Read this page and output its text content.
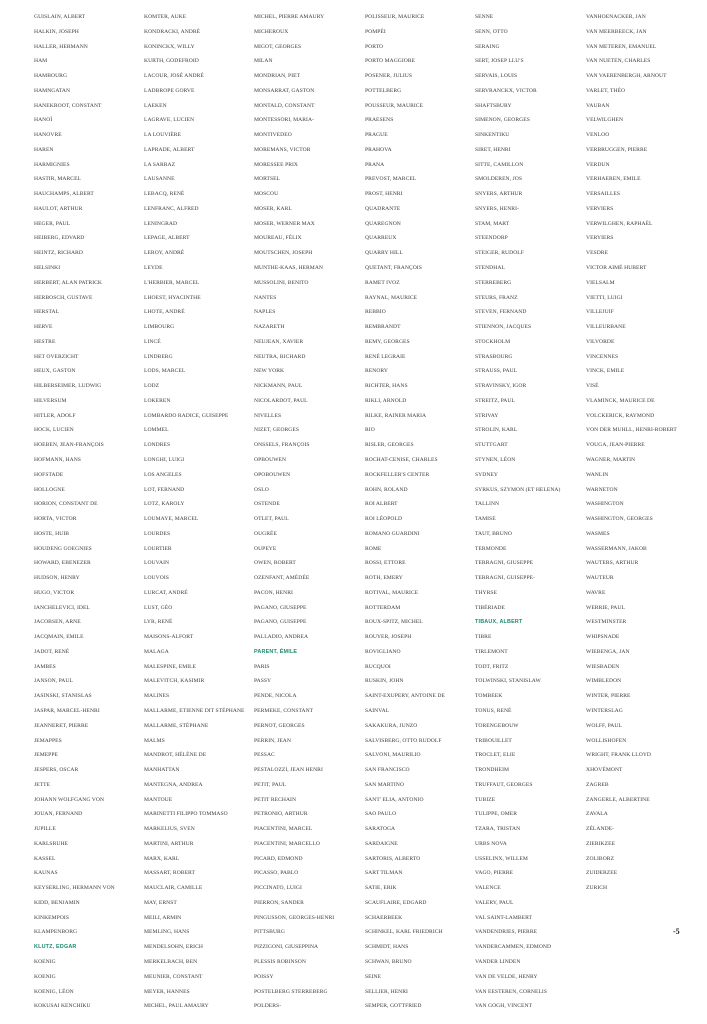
GUISLAIN, ALBERT
HALKIN, JOSEPH
HALLER, HERMANN
HAM
HAMBOURG
HAMNGATAN
HANEKROOT, CONSTANT
HANOÏ
HANOVRE
HAREN
HARMIGNIES
HASTIR, MARCEL
HAUCHAMPS, ALBERT
HAULOT, ARTHUR
HEGER, PAUL
HEIBERG, EDVARD
HEINTZ, RICHARD
HELSINKI
HERBERT, ALAN PATRICK
HERBOSCH, GUSTAVE
HERSTAL
HERVE
HESTRE
HET OVERZICHT
HEUX, GASTON
HILBERSEIMER, LUDWIG
HILVERSUM
HITLER, ADOLF
HOCK, LUCIEN
HOEBEN, JEAN-FRANÇOIS
HOFMANN, HANS
HOFSTADE
HOLLOGNE
HORION, CONSTANT DE
HORTA, VICTOR
HOSTE, HUIB
HOUDENG GOEGNIES
HOWARD, EBENEZER
HUDSON, HENRY
HUGO, VICTOR
IANCHELEVICI, IDEL
JACOBSEN, ARNE
JACQMAIN, EMILE
JADOT, RENÉ
JAMBES
JANSON, PAUL
JASINSKI, STANISLAS
JASPAR, MARCEL-HENRI
JEANNERET, PIERRE
JEMAPPES
JEMEPPE
JESPERS, OSCAR
JETTE
JOHANN WOLFGANG VON
JOUAN, FERNAND
JUPILLE
KARLSRUHE
KASSEL
KAUNAS
KEYSERLING, HERMANN VON
KIDD, BENJAMIN
KINKEMPOIS
KLAMPENBORG
KLUTZ, EDGAR
KOENIG
KOENIG
KOENIG, LÉON
KOKUSAI KENCHIKU
KOMTER, AUKE
KONDRACKI, ANDRÉ
KONINCKX, WILLY
KURTH, GODEFROID
LACOUR, JOSÉ ANDRÉ
LADBROPE GORVE
LAEKEN
LAGRAVE, LUCIEN
LA LOUVIÈRE
LAPRADE, ALBERT
LA SARRAZ
LAUSANNE
LEBACQ, RENÉ
LENFRANC, ALFRED
LENINGRAD
LEPAGE, ALBERT
LEROY, ANDRÉ
LEYDE
L'HERBIER, MARCEL
LHOEST, HYACINTHE
LHOTE, ANDRÉ
LIMBOURG
LINCÉ
LINDBERG
LODS, MARCEL
LODZ
LOKEREN
LOMBARDO RADICE, GUISEPPE
LOMMEL
LONDRES
LONGHI, LUIGI
LOS ANGELES
LOT, FERNAND
LOTZ, KAROLY
LOUMAYE, MARCEL
LOURDES
LOURTIER
LOUVAIN
LOUVOIS
LURCAT, ANDRÉ
LUST, GÉO
LYR, RENÉ
MAISONS-ALFORT
MALAGA
MALESPINE, EMILE
MALEVITCH, KASIMIR
MALINES
MALLARME, ETIENNE DIT STÉPHANE
MALLARME, STÉPHANE
MALMS
MANDROT, HÉLÈNE DE
MANHATTAN
MANTEGNA, ANDREA
MANTOUE
MARINETTI FILIPPO TOMMASO
MARKELIUS, SVEN
MARTINI, ARTHUR
MARX, KARL
MASSART, ROBERT
MAUCLAIR, CAMILLE
MAY, ERNST
MEILI, ARMIN
MEMLING, HANS
MENDELSOHN, ERICH
MERKELBACH, BEN
MEUNIER, CONSTANT
MEYER, HANNES
MICHEL, PAUL AMAURY
MICHEL, PIERRE AMAURY
MICHEROUX
MIGOT, GEORGES
MILAN
MONDRIAN, PIET
MONSARRAT, GASTON
MONTALD, CONSTANT
MONTESSORI, MARIA-
MONTIVEDEO
MOREMANS, VICTOR
MORESSEE PRIX
MORTSEL
MOSCOU
MOSER, KARL
MOSER, WERNER MAX
MOUREAU, FÉLIX
MOUTSCHEN, JOSEPH
MUNTHE-KAAS, HERMAN
MUSSOLINI, BENITO
NANTES
NAPLES
NAZARETH
NEUJEAN, XAVIER
NEUTRA, RICHARD
NEW YORK
NICKMANN, PAUL
NICOLARDOT, PAUL
NIVELLES
NIZET, GEORGES
ONSSELS, FRANÇOIS
OPBOUWEN
OPOBOUWEN
OSLO
OSTENDE
OTLET, PAUL
OUGRÉE
OUPEYE
OWEN, ROBERT
OZENFANT, AMÉDÉE
PACON, HENRI
PAGANO, GIUSEPPE
PAGANO, GUISEPPE
PALLADIO, ANDREA
PARENT, ÉMILE
PARIS
PASSY
PENDE, NICOLA
PERMEKE, CONSTANT
PERNOT, GEORGES
PERRIN, JEAN
PESSAC
PESTALOZZI, JEAN HENRI
PETIT, PAUL
PETIT RECHAIN
PETRONIO, ARTHUR
PIACENTINI, MARCEL
PIACENTINI, MARCELLO
PICARD, EDMOND
PICASSO, PABLO
PICCINATO, LUIGI
PIERRON, SANDER
PINGUSSON, GEORGES-HENRI
PITTSBURG
PIZZIGONI, GIUSEPPINA
PLESSIS ROBINSON
POISSY
POSTELBERG STERREBERG
POLDERS-
POLISSEUR, MAURICE
POMPÉI
PORTO
PORTO MAGGIORE
POSENER, JULIUS
POTTELBERG
POUSSEUR, MAURICE
PRAESENS
PRAGUE
PRAHOVA
PRANA
PREVOST, MARCEL
PROST, HENRI
QUADRANTE
QUAREGNON
QUARREUX
QUARRY HILL
QUETANT, FRANÇOIS
RAMET IVOZ
RAYNAL, MAURICE
REBBIO
REMBRANDT
REMY, GEORGES
RENÉ LEGRAIE
RENORY
RICHTER, HANS
RIKLI, ARNOLD
RILKE, RAINER MARIA
RIO
RISLER, GEORGES
ROCHAT-CENISE, CHARLES
ROCKFELLER'S CENTER
ROHN, ROLAND
ROI ALBERT
ROI LÉOPOLD
ROMANO GUARDINI
ROME
ROSSI, ETTORE
ROTH, EMERY
ROTIVAL, MAURICE
ROTTERDAM
ROUX-SPITZ, MICHEL
ROUYER, JOSEPH
ROVIGLIANO
RUCQUOI
RUSKIN, JOHN
SAINT-EXUPERY, ANTOINE DE
SAINVAL
SAKAKURA, JUNZO
SALVISBERG, OTTO RUDOLF
SALVONI, MAURILIO
SAN FRANCISCO
SAN MARTINO
SANT' ELIA, ANTONIO
SAO PAULO
SARATOGA
SARDAIGNE
SARTORIS, ALBERTO
SART TILMAN
SATIE, ERIK
SCAUFLAIRE, EDGARD
SCHAERBEEK
SCHINKEL, KARL FRIEDRICH
SCHMIDT, HANS
SCHWAN, BRUNO
SEINE
SELLIER, HENRI
SEMPER, GOTTFRIED
SENNE
SENN, OTTO
SERAING
SERT, JOSEP LLU'S
SERVAIS, LOUIS
SERVRANCKX, VICTOR
SHAFTSBURY
SIMENON, GEORGES
SINKENTIKU
SIRET, HENRI
SITTE, CAMILLON
SMOLDEREN, JOS
SNYERS, ARTHUR
SNYERS, HENRI-
STAM, MART
STEENDORP
STEIGER, RUDOLF
STENDHAL
STERREBERG
STEURS, FRANZ
STEVEN, FERNAND
STIENNON, JACQUES
STOCKHOLM
STRASBOURG
STRAUSS, PAUL
STRAVINSKY, IGOR
STREITZ, PAUL
STRIVAY
STROLIN, KARL
STUTTGART
STYNEN, LÉON
SYDNEY
SYRKUS, SZYMON (ET HELENA)
TALLINN
TAMISE
TAUT, BRUNO
TERMONDE
TERRAGNI, GIUSEPPE
TERRAGNI, GUISEPPE-
THYRSE
TIBÉRIADE
TIBAUX, ALBERT
TIBRE
TIRLEMONT
TODT, FRITZ
TOLWINSKI, STANISLAW
TOMBEEK
TONUS, RENÉ
TORENGEBOUW
TRIBOUILLET
TROCLET, ELIE
TRONDHEIM
TRUFFAUT, GEORGES
TUBIZE
TULIPPE, OMER
TZARA, TRISTAN
URBS NOVA
USSELINX, WILLEM
VAGO, PIERRE
VALENCE
VALERY, PAUL
VAL SAINT-LAMBERT
VANDENDRIES, PIERRE
VANDERCAMMEN, EDMOND
VANDER LINDEN
VAN DE VELDE, HENRY
VAN EESTEREN, CORNELIS
VAN GOGH, VINCENT
VANHOENACKER, JAN
VAN MEERBEECK, JAN
VAN METEREN, EMANUEL
VAN NUETEN, CHARLES
VAN VAERENBERGH, ARNOUT
VARLET, THÉO
VAUBAN
VELWILGHEN
VENLOO
VERBRUGGEN, PIERRE
VERDUN
VERHAEREN, EMILE
VERSAILLES
VERVIERS
VERWILGHEN, RAPHAËL
VERYIERS
VESDRE
VICTOR AIMÉ HUBERT
VIELSALM
VIETTI, LUIGI
VILLEJUIF
VILLEURBANE
VILVORDE
VINCENNES
VINCK, EMILE
VISÉ
VLAMINCK, MAURICE DE
VOLCKERICK, RAYMOND
VON DER MUHLL, HENRI-ROBERT
VOUGA, JEAN-PIERRE
WAGNER, MARTIN
WANLIN
WARNETON
WASHINGTON
WASHINGTON, GEORGES
WASMES
WASSERMANN, JAKOB
WAUTERS, ARTHUR
WAUTEUR
WAVRE
WERRIE, PAUL
WESTMINSTER
WHIPSNADE
WIEBENGA, JAN
WIESBADEN
WIMBLEDON
WINTER, PIERRE
WINTERSLAG
WOLFF, PAUL
WOLLISHOFEN
WRIGHT, FRANK LLOYD
XHOVÉMONT
ZAGREB
ZANGERLE, ALBERTINE
ZAVALA
ZÉLANDE-
ZIERIKZEE
ZOLIBORZ
ZUIDERZEE
ZURICH
-5
